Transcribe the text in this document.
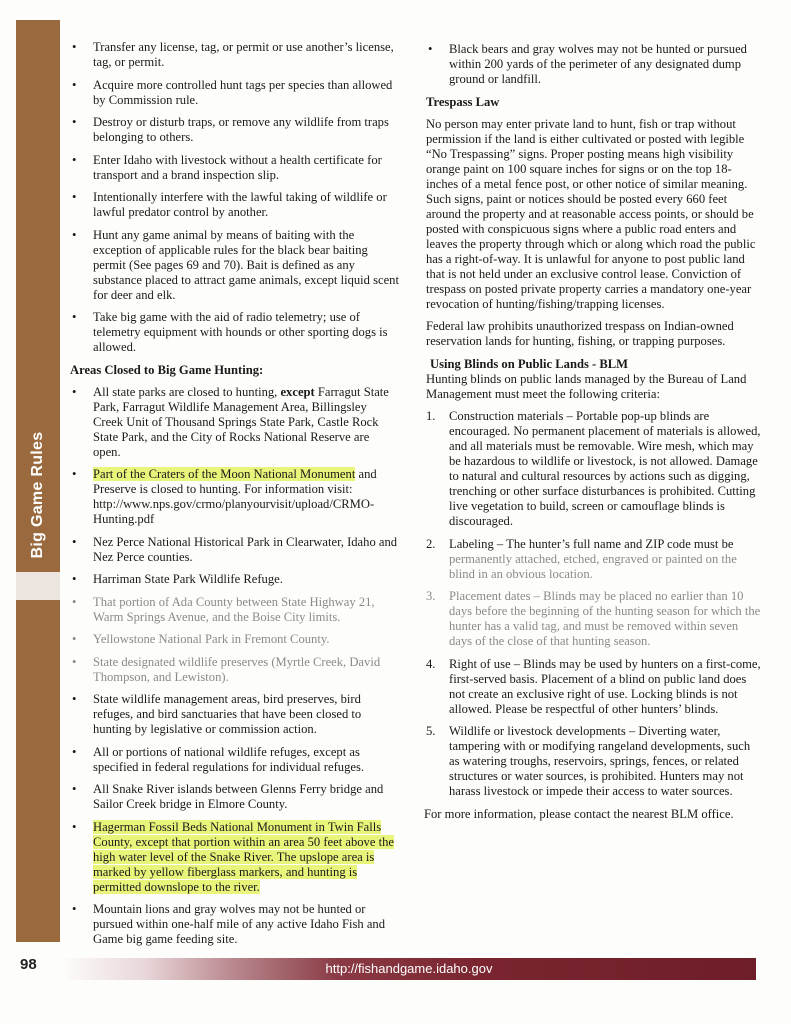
Big Game Rules
• Transfer any license, tag, or permit or use another’s license, tag, or permit.
• Acquire more controlled hunt tags per species than allowed by Commission rule.
• Destroy or disturb traps, or remove any wildlife from traps belonging to others.
• Enter Idaho with livestock without a health certificate for transport and a brand inspection slip.
• Intentionally interfere with the lawful taking of wildlife or lawful predator control by another.
• Hunt any game animal by means of baiting with the exception of applicable rules for the black bear baiting permit (See pages 69 and 70). Bait is defined as any substance placed to attract game animals, except liquid scent for deer and elk.
• Take big game with the aid of radio telemetry; use of telemetry equipment with hounds or other sporting dogs is allowed.
Areas Closed to Big Game Hunting:
• All state parks are closed to hunting, except Farragut State Park, Farragut Wildlife Management Area, Billingsley Creek Unit of Thousand Springs State Park, Castle Rock State Park, and the City of Rocks National Reserve are open.
• Part of the Craters of the Moon National Monument and Preserve is closed to hunting. For information visit: http://www.nps.gov/crmo/planyourvisit/upload/CRMO-Hunting.pdf
• Nez Perce National Historical Park in Clearwater, Idaho and Nez Perce counties.
• Harriman State Park Wildlife Refuge.
• That portion of Ada County between State Highway 21, Warm Springs Avenue, and the Boise City limits.
• Yellowstone National Park in Fremont County.
• State designated wildlife preserves (Myrtle Creek, David Thompson, and Lewiston).
• State wildlife management areas, bird preserves, bird refuges, and bird sanctuaries that have been closed to hunting by legislative or commission action.
• All or portions of national wildlife refuges, except as specified in federal regulations for individual refuges.
• All Snake River islands between Glenns Ferry bridge and Sailor Creek bridge in Elmore County.
• Hagerman Fossil Beds National Monument in Twin Falls County, except that portion within an area 50 feet above the high water level of the Snake River. The upslope area is marked by yellow fiberglass markers, and hunting is permitted downslope to the river.
• Mountain lions and gray wolves may not be hunted or pursued within one-half mile of any active Idaho Fish and Game big game feeding site.
• Black bears and gray wolves may not be hunted or pursued within 200 yards of the perimeter of any designated dump ground or landfill.
Trespass Law

No person may enter private land to hunt, fish or trap without permission if the land is either cultivated or posted with legible “No Trespassing” signs. Proper posting means high visibility orange paint on 100 square inches for signs or on the top 18-inches of a metal fence post, or other notice of similar meaning. Such signs, paint or notices should be posted every 660 feet around the property and at reasonable access points, or should be posted with conspicuous signs where a public road enters and leaves the property through which or along which road the public has a right-of-way. It is unlawful for anyone to post public land that is not held under an exclusive control lease. Conviction of trespass on posted private property carries a mandatory one-year revocation of hunting/fishing/trapping licenses.

Federal law prohibits unauthorized trespass on Indian-owned reservation lands for hunting, fishing, or trapping purposes.

Using Blinds on Public Lands - BLM

Hunting blinds on public lands managed by the Bureau of Land Management must meet the following criteria:

1. Construction materials – Portable pop-up blinds are encouraged. No permanent placement of materials is allowed, and all materials must be removable. Wire mesh, which may be hazardous to wildlife or livestock, is not allowed. Damage to natural and cultural resources by actions such as digging, trenching or other surface disturbances is prohibited. Cutting live vegetation to build, screen or camouflage blinds is discouraged.
2. Labeling – The hunter’s full name and ZIP code must be permanently attached, etched, engraved or painted on the blind in an obvious location.
3. Placement dates – Blinds may be placed no earlier than 10 days before the beginning of the hunting season for which the hunter has a valid tag, and must be removed within seven days of the close of that hunting season.
4. Right of use – Blinds may be used by hunters on a first-come, first-served basis. Placement of a blind on public land does not create an exclusive right of use. Locking blinds is not allowed. Please be respectful of other hunters’ blinds.
5. Wildlife or livestock developments – Diverting water, tampering with or modifying rangeland developments, such as watering troughs, reservoirs, springs, fences, or related structures or water sources, is prohibited. Hunters may not harass livestock or impede their access to water sources.

For more information, please contact the nearest BLM office.

98	http://fishandgame.idaho.gov
